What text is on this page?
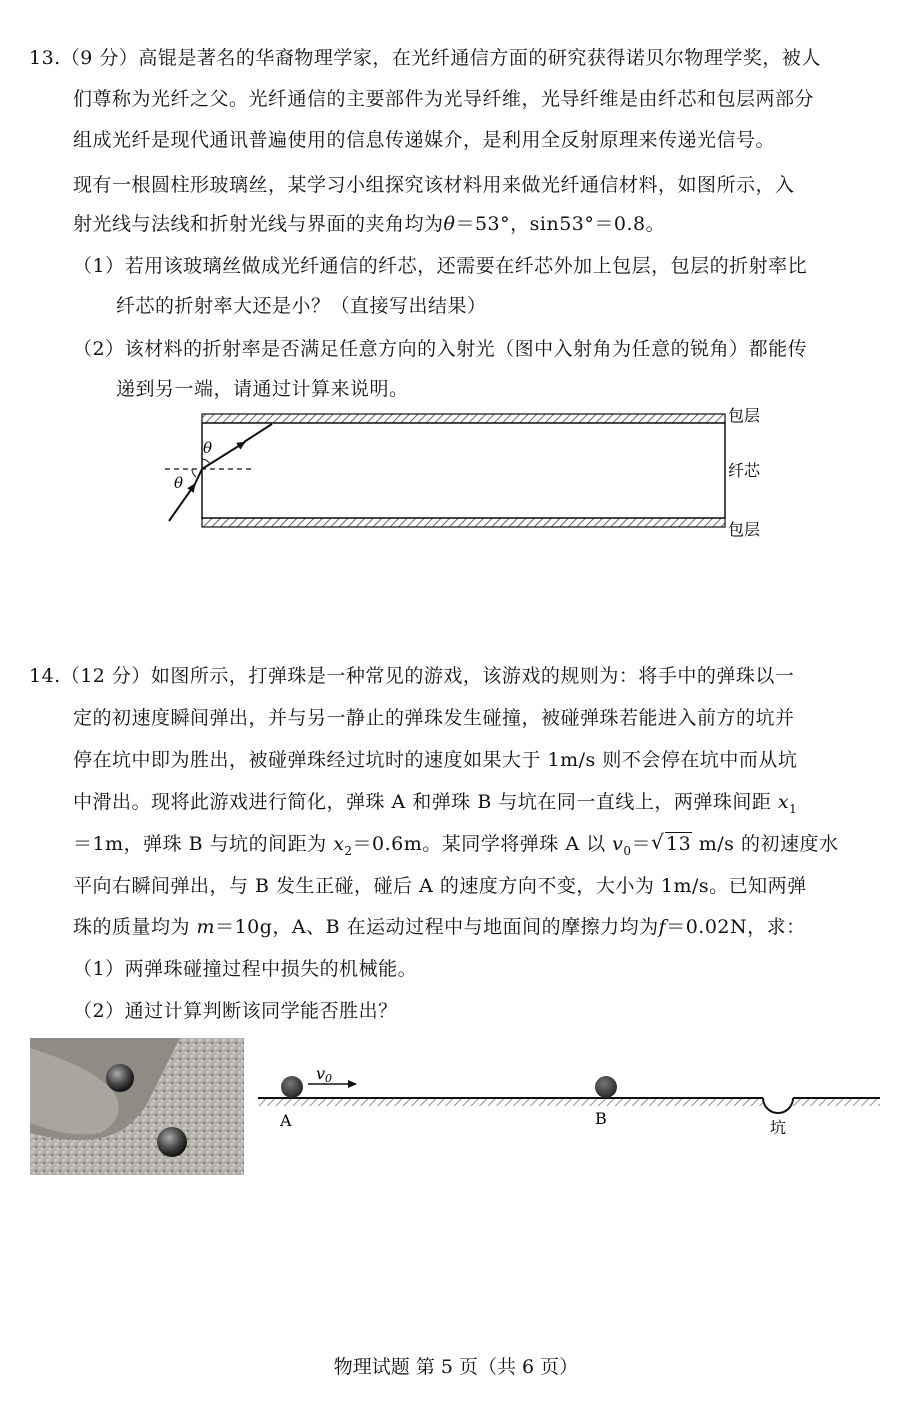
13.（9 分）高锟是著名的华裔物理学家，在光纤通信方面的研究获得诺贝尔物理学奖，被人
们尊称为光纤之父。光纤通信的主要部件为光导纤维，光导纤维是由纤芯和包层两部分
组成光纤是现代通讯普遍使用的信息传递媒介，是利用全反射原理来传递光信号。
现有一根圆柱形玻璃丝，某学习小组探究该材料用来做光纤通信材料，如图所示，入
射光线与法线和折射光线与界面的夹角均为θ＝53°，sin53°＝0.8。
（1）若用该玻璃丝做成光纤通信的纤芯，还需要在纤芯外加上包层，包层的折射率比
纤芯的折射率大还是小？（直接写出结果）
（2）该材料的折射率是否满足任意方向的入射光（图中入射角为任意的锐角）都能传
递到另一端，请通过计算来说明。
θ
θ
包层
纤芯
包层
14.（12 分）如图所示，打弹珠是一种常见的游戏，该游戏的规则为：将手中的弹珠以一
定的初速度瞬间弹出，并与另一静止的弹珠发生碰撞，被碰弹珠若能进入前方的坑并
停在坑中即为胜出，被碰弹珠经过坑时的速度如果大于 1m/s 则不会停在坑中而从坑
中滑出。现将此游戏进行简化，弹珠 A 和弹珠 B 与坑在同一直线上，两弹珠间距 $x_1$
＝1m，弹珠 B 与坑的间距为 $x_2=0.6m$。某同学将弹珠 A 以 $v_0=$ √ 13 m/s 的初速度水
平向右瞬间弹出，与 B 发生正碰，碰后 A 的速度方向不变，大小为 1m/s。已知两弹
珠的质量均为 m＝10g，A、B 在运动过程中与地面间的摩擦力均为f＝0.02N，求：
（1）两弹珠碰撞过程中损失的机械能。
（2）通过计算判断该同学能否胜出？
v0
A	B	坑
物理试题 第 5 页（共 6 页）
